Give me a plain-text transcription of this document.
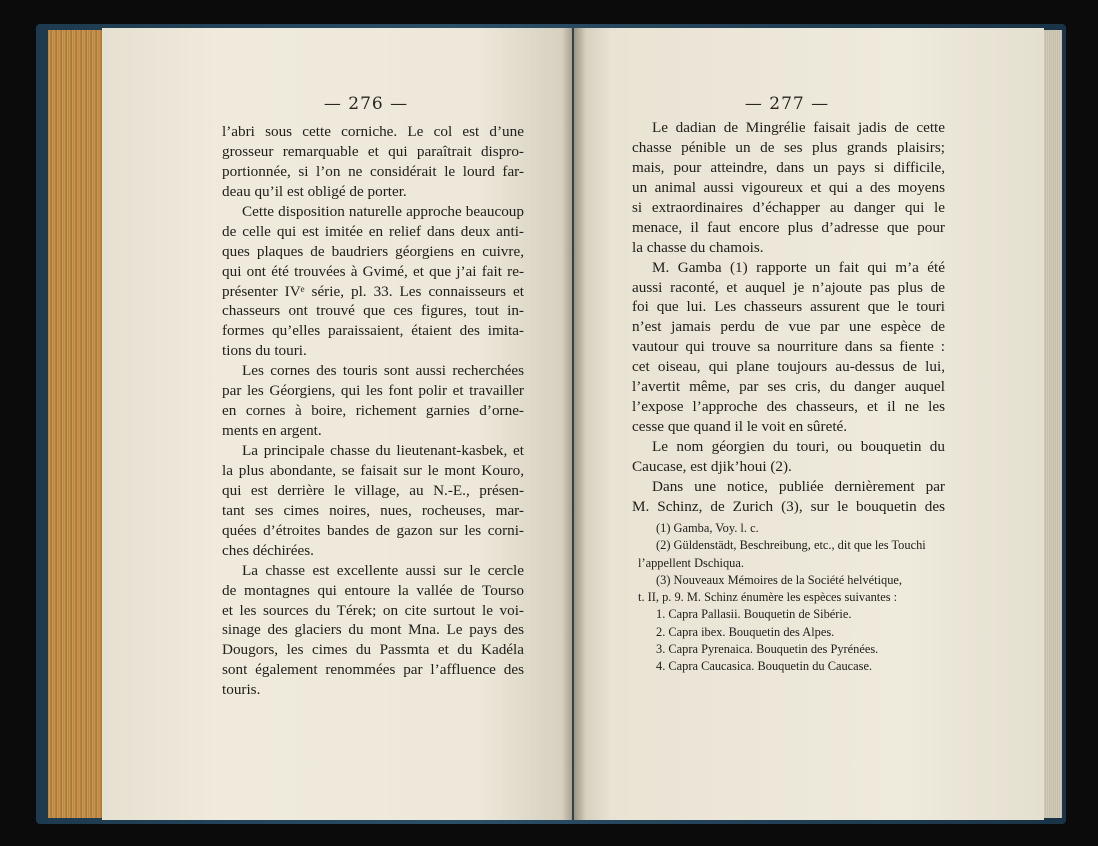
— 276 —
l’abri sous cette corniche. Le col est d’une
grosseur remarquable et qui paraîtrait dispro-
portionnée, si l’on ne considérait le lourd far-
deau qu’il est obligé de porter.
Cette disposition naturelle approche beaucoup
de celle qui est imitée en relief dans deux anti-
ques plaques de baudriers géorgiens en cuivre,
qui ont été trouvées à Gvimé, et que j’ai fait re-
présenter IVᵉ série, pl. 33. Les connaisseurs et
chasseurs ont trouvé que ces figures, tout in-
formes qu’elles paraissaient, étaient des imita-
tions du touri.
Les cornes des touris sont aussi recherchées
par les Géorgiens, qui les font polir et travailler
en cornes à boire, richement garnies d’orne-
ments en argent.
La principale chasse du lieutenant-kasbek, et
la plus abondante, se faisait sur le mont Kouro,
qui est derrière le village, au N.-E., présen-
tant ses cimes noires, nues, rocheuses, mar-
quées d’étroites bandes de gazon sur les corni-
ches déchirées.
La chasse est excellente aussi sur le cercle
de montagnes qui entoure la vallée de Tourso
et les sources du Térek; on cite surtout le voi-
sinage des glaciers du mont Mna. Le pays des
Dougors, les cimes du Passmta et du Kadéla
sont également renommées par l’affluence des
touris.
— 277 —
Le dadian de Mingrélie faisait jadis de cette
chasse pénible un de ses plus grands plaisirs;
mais, pour atteindre, dans un pays si difficile,
un animal aussi vigoureux et qui a des moyens
si extraordinaires d’échapper au danger qui le
menace, il faut encore plus d’adresse que pour
la chasse du chamois.
M. Gamba (1) rapporte un fait qui m’a été
aussi raconté, et auquel je n’ajoute pas plus de
foi que lui. Les chasseurs assurent que le touri
n’est jamais perdu de vue par une espèce de
vautour qui trouve sa nourriture dans sa fiente :
cet oiseau, qui plane toujours au-dessus de lui,
l’avertit même, par ses cris, du danger auquel
l’expose l’approche des chasseurs, et il ne les
cesse que quand il le voit en sûreté.
Le nom géorgien du touri, ou bouquetin du
Caucase, est djik’houi (2).
Dans une notice, publiée dernièrement par
M. Schinz, de Zurich (3), sur le bouquetin des
(1) Gamba, Voy. l. c.
(2) Güldenstädt, Beschreibung, etc., dit que les Touchi
l’appellent Dschiqua.
(3) Nouveaux Mémoires de la Société helvétique,
t. II, p. 9. M. Schinz énumère les espèces suivantes :
1. Capra Pallasii. Bouquetin de Sibérie.
2. Capra ibex. Bouquetin des Alpes.
3. Capra Pyrenaica. Bouquetin des Pyrénées.
4. Capra Caucasica. Bouquetin du Caucase.
